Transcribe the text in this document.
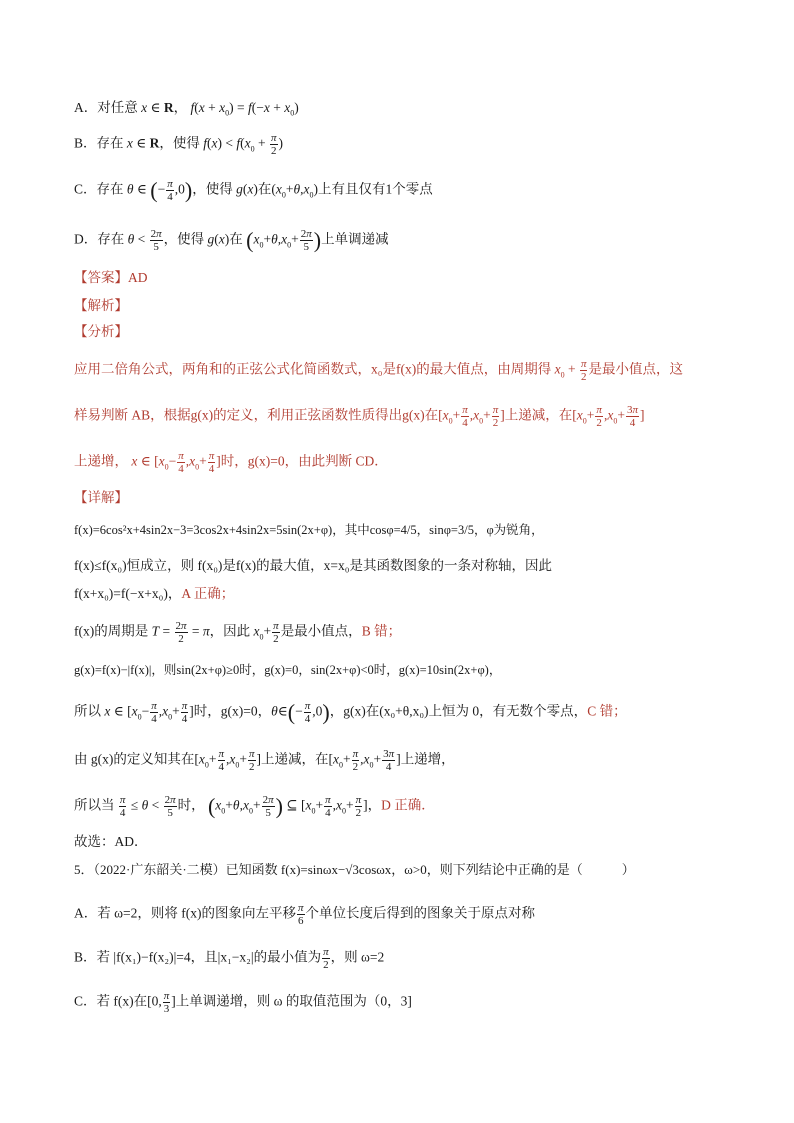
A．对任意 x ∈ R， $f(x + x_0) = f(-x + x_0)$
B．存在 x ∈ R，使得 $f(x) < f(x_0 + \frac{\pi}{2}$ )
C．存在 θ ∈ (− $\frac{\pi}{4} ,0$)，使得 g(x)在$(x_0+\theta,x_0)$上有且仅有1个零点
D．存在 $\theta < \frac{2\pi}{5}$ ，使得 g(x)在 ($x_0+\theta,x_0+ \frac{2\pi}{5}$ )上单调递减
【答案】AD
【解析】
【分析】
应用二倍角公式，两角和的正弦公式化简函数式，x₀是f(x)的最大值点，由周期得 $x_0 + \frac{\pi}{2}$ 是最小值点，这
样易判断 AB，根据g(x)的定义，利用正弦函数性质得出g(x)在[$x_0+ \frac{\pi}{4} ,x_0+ \frac{\pi}{2}$ ]上递减，在[$x_0+ \frac{\pi}{2} ,x_0+ \frac{3\pi}{4}$ ]
上递增， x ∈ [$x_0- \frac{\pi}{4} ,x_0+ \frac{\pi}{4}$ ]时，g(x)=0，由此判断 CD．
【详解】
f(x)=6cos²x+4sin2x−3=3cos2x+4sin2x=5sin(2x+φ)，其中cosφ=4/5，sinφ=3/5，φ为锐角，
f(x)≤f(x₀)恒成立，则 f(x₀)是f(x)的最大值，x=x₀是其函数图象的一条对称轴，因此
f(x+x₀)=f(−x+x₀)，A 正确；
f(x)的周期是 $T = \frac{2\pi}{2} = \pi$，因此 $x_0+ \frac{\pi}{2}$ 是最小值点，B 错；
g(x)=f(x)−|f(x)|，则sin(2x+φ)≥0时，g(x)=0，sin(2x+φ)<0时，g(x)=10sin(2x+φ)，
所以 x ∈ [$x_0- \frac{\pi}{4} ,x_0+ \frac{\pi}{4}$ ]时，g(x)=0，θ∈(− $\frac{\pi}{4} ,0$)，g(x)在(x₀+θ,x₀)上恒为 0，有无数个零点，C 错；
由 g(x)的定义知其在[$x_0+ \frac{\pi}{4} ,x_0+ \frac{\pi}{2}$ ]上递减，在[$x_0+ \frac{\pi}{2} ,x_0+ \frac{3\pi}{4}$ ]上递增，
所以当 $\frac{\pi}{4} \le \theta < \frac{2\pi}{5}$ 时， ($x_0+\theta,x_0+ \frac{2\pi}{5}$ ) ⊆ [$x_0+ \frac{\pi}{4} ,x_0+ \frac{\pi}{2}$ ]，D 正确．
故选：AD．
5．（2022·广东韶关·二模）已知函数 f(x)=sinωx−√3cosωx，ω>0，则下列结论中正确的是（　　　）
A．若 ω=2，则将 f(x)的图象向左平移 $\frac{\pi}{6}$ 个单位长度后得到的图象关于原点对称
B．若 |f(x₁)−f(x₂)|=4，且|x₁−x₂|的最小值为 $\frac{\pi}{2}$ ，则 ω=2
C．若 f(x)在[0, $\frac{\pi}{3}$ ]上单调递增，则 ω 的取值范围为（0，3]
